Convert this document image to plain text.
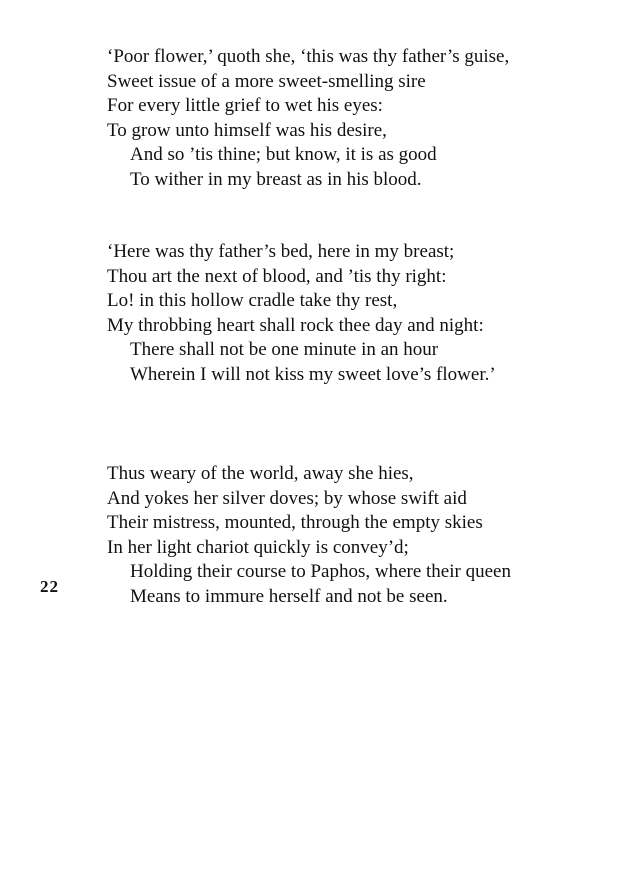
‘Poor flower,’ quoth she, ‘this was thy father’s guise,
Sweet issue of a more sweet-smelling sire
For every little grief to wet his eyes:
To grow unto himself was his desire,
And so ’tis thine; but know, it is as good
To wither in my breast as in his blood.
‘Here was thy father’s bed, here in my breast;
Thou art the next of blood, and ’tis thy right:
Lo! in this hollow cradle take thy rest,
My throbbing heart shall rock thee day and night:
There shall not be one minute in an hour
Wherein I will not kiss my sweet love’s flower.’
Thus weary of the world, away she hies,
And yokes her silver doves; by whose swift aid
Their mistress, mounted, through the empty skies
In her light chariot quickly is convey’d;
Holding their course to Paphos, where their queen
Means to immure herself and not be seen.
22
